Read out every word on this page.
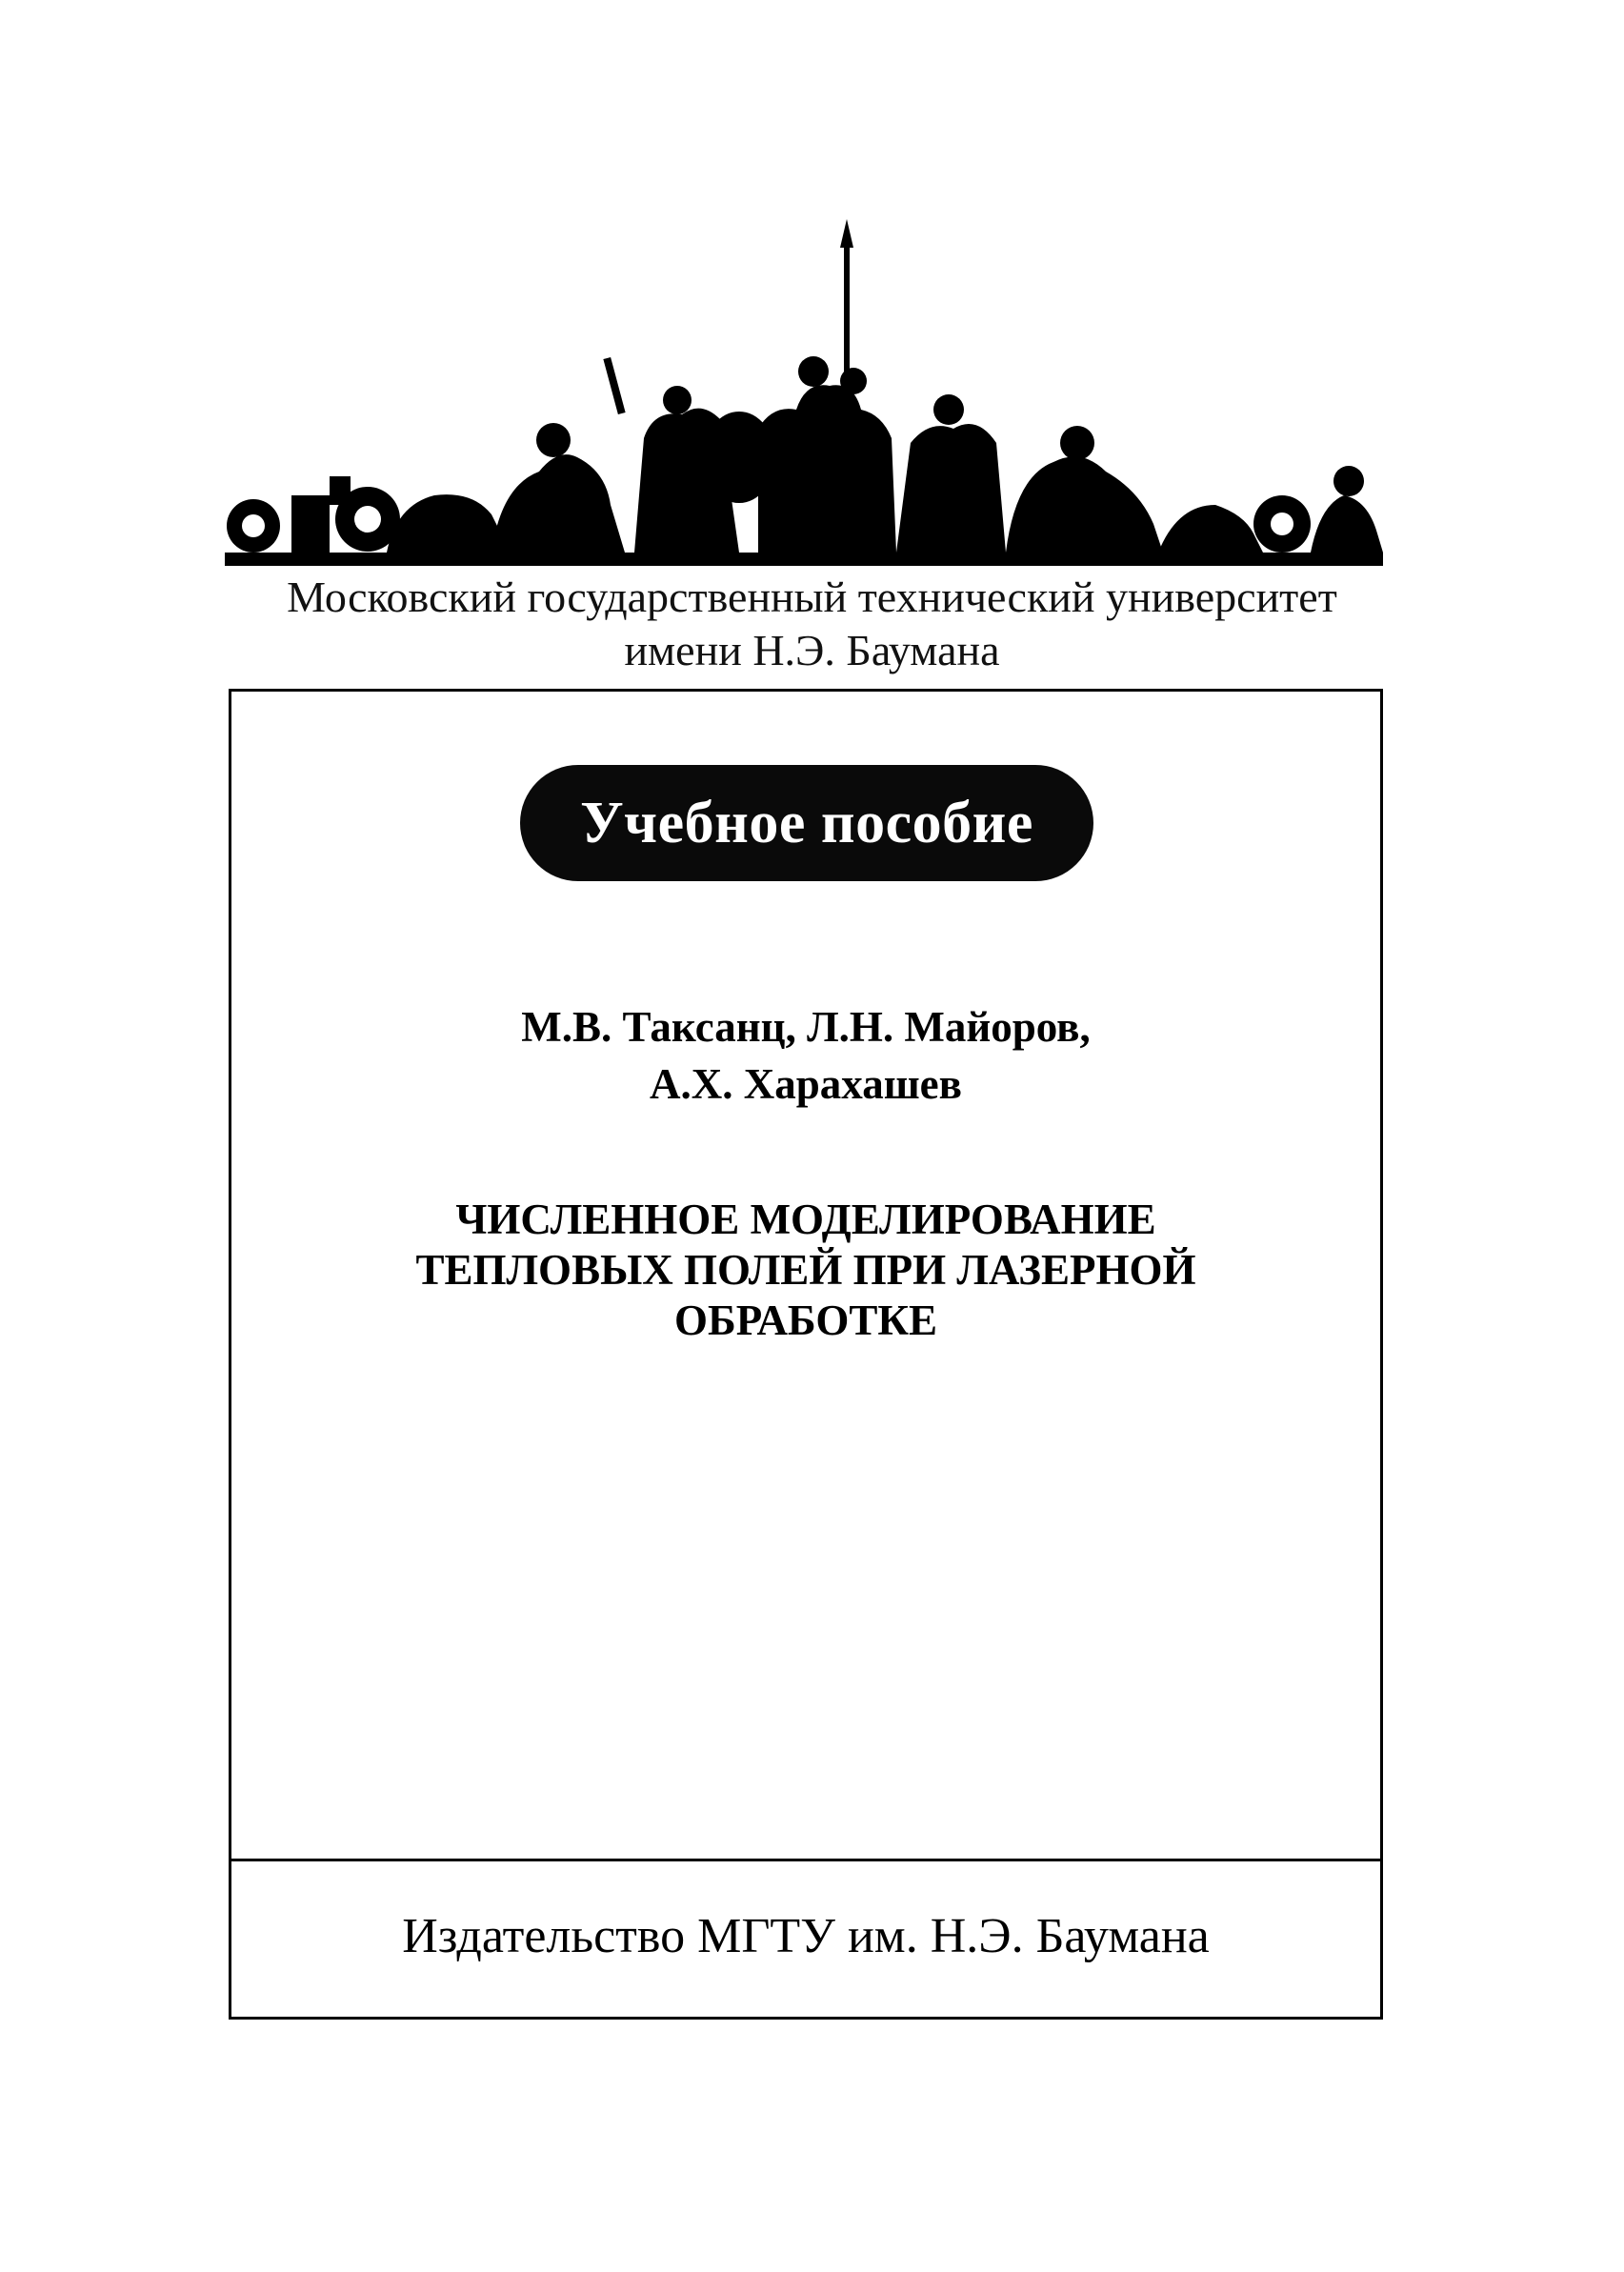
Московский государственный технический университет
имени Н.Э. Баумана
Учебное пособие
М.В. Таксанц, Л.Н. Майоров,
А.Х. Харахашев
ЧИСЛЕННОЕ МОДЕЛИРОВАНИЕ
ТЕПЛОВЫХ ПОЛЕЙ ПРИ ЛАЗЕРНОЙ
ОБРАБОТКЕ
Издательство МГТУ им. Н.Э. Баумана
